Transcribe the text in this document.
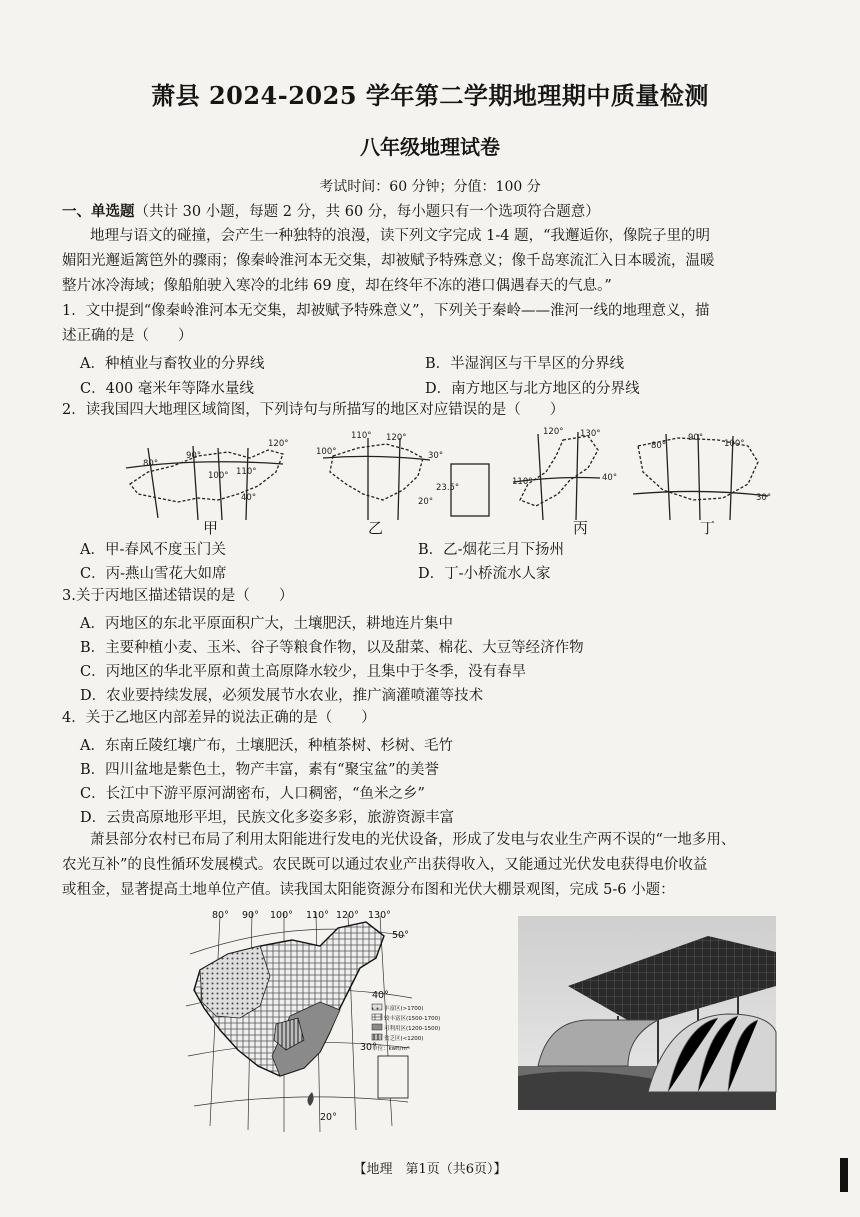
萧县 2024-2025 学年第二学期地理期中质量检测
八年级地理试卷
考试时间：60 分钟；分值：100 分
一、单选题（共计 30 小题，每题 2 分，共 60 分，每小题只有一个选项符合题意）
地理与语文的碰撞，会产生一种独特的浪漫，读下列文字完成 1-4 题，“我邂逅你，像院子里的明
媚阳光邂逅篱笆外的骤雨；像秦岭淮河本无交集，却被赋予特殊意义；像千岛寒流汇入日本暖流，温暖
整片冰冷海域；像船舶驶入寒冷的北纬 69 度，却在终年不冻的港口偶遇春天的气息。”
1．文中提到“像秦岭淮河本无交集，却被赋予特殊意义”，下列关于秦岭——淮河一线的地理意义，描
述正确的是（　　）
A．种植业与畜牧业的分界线	B．半湿润区与干旱区的分界线
C．400 毫米年等降水量线	D．南方地区与北方地区的分界线
2．读我国四大地理区域简图，下列诗句与所描写的地区对应错误的是（　　）
80°
90°
100° 110°
120°
40°
110° 120°
100°	30°
23.5°
20°
120° 130°
40°
110°
80°
90°
100°
30°
甲	乙	丙	丁
A．甲-春风不度玉门关	B．乙-烟花三月下扬州
C．丙-燕山雪花大如席	D．丁-小桥流水人家
3.关于丙地区描述错误的是（　　）
A．丙地区的东北平原面积广大，土壤肥沃，耕地连片集中
B．主要种植小麦、玉米、谷子等粮食作物，以及甜菜、棉花、大豆等经济作物
C．丙地区的华北平原和黄土高原降水较少，且集中于冬季，没有春旱
D．农业要持续发展，必须发展节水农业，推广滴灌喷灌等技术
4．关于乙地区内部差异的说法正确的是（　　）
A．东南丘陵红壤广布，土壤肥沃，种植茶树、杉树、毛竹
B．四川盆地是紫色土，物产丰富，素有“聚宝盆”的美誉
C．长江中下游平原河湖密布，人口稠密，“鱼米之乡”
D．云贵高原地形平坦，民族文化多姿多彩，旅游资源丰富
萧县部分农村已布局了利用太阳能进行发电的光伏设备，形成了发电与农业生产两不误的“一地多用、
农光互补”的良性循环发展模式。农民既可以通过农业产出获得收入，又能通过光伏发电获得电价收益
或租金，显著提高土地单位产值。读我国太阳能资源分布图和光伏大棚景观图，完成 5-6 小题：
80° 90° 100° 110° 120° 130°
50°
40°
30°
20°
丰富区(>1700)
较丰富区(1500-1700)
可利用区(1200-1500)
贫乏区(<1200)
单位：kwh/m²
【地理　第1页（共6页）】
